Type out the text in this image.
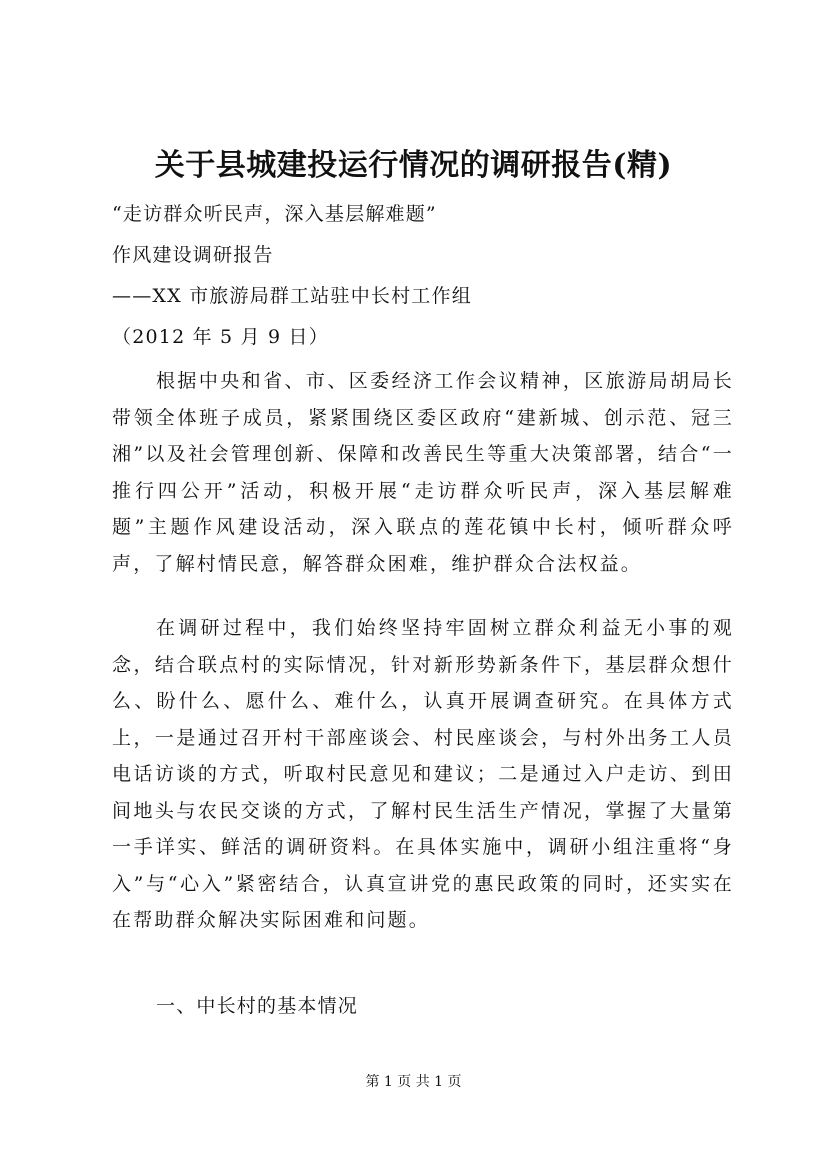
关于县城建投运行情况的调研报告(精)
“走访群众听民声，深入基层解难题”
作风建设调研报告
——XX 市旅游局群工站驻中长村工作组
（2012 年 5 月 9 日）
根据中央和省、市、区委经济工作会议精神，区旅游局胡局长带领全体班子成员，紧紧围绕区委区政府“建新城、创示范、冠三湘”以及社会管理创新、保障和改善民生等重大决策部署，结合“一推行四公开”活动，积极开展“走访群众听民声，深入基层解难题”主题作风建设活动，深入联点的莲花镇中长村，倾听群众呼声，了解村情民意，解答群众困难，维护群众合法权益。
在调研过程中，我们始终坚持牢固树立群众利益无小事的观念，结合联点村的实际情况，针对新形势新条件下，基层群众想什么、盼什么、愿什么、难什么，认真开展调查研究。在具体方式上，一是通过召开村干部座谈会、村民座谈会，与村外出务工人员电话访谈的方式，听取村民意见和建议；二是通过入户走访、到田间地头与农民交谈的方式，了解村民生活生产情况，掌握了大量第一手详实、鲜活的调研资料。在具体实施中，调研小组注重将“身入”与“心入”紧密结合，认真宣讲党的惠民政策的同时，还实实在在帮助群众解决实际困难和问题。
一、中长村的基本情况
第 1 页 共 1 页
